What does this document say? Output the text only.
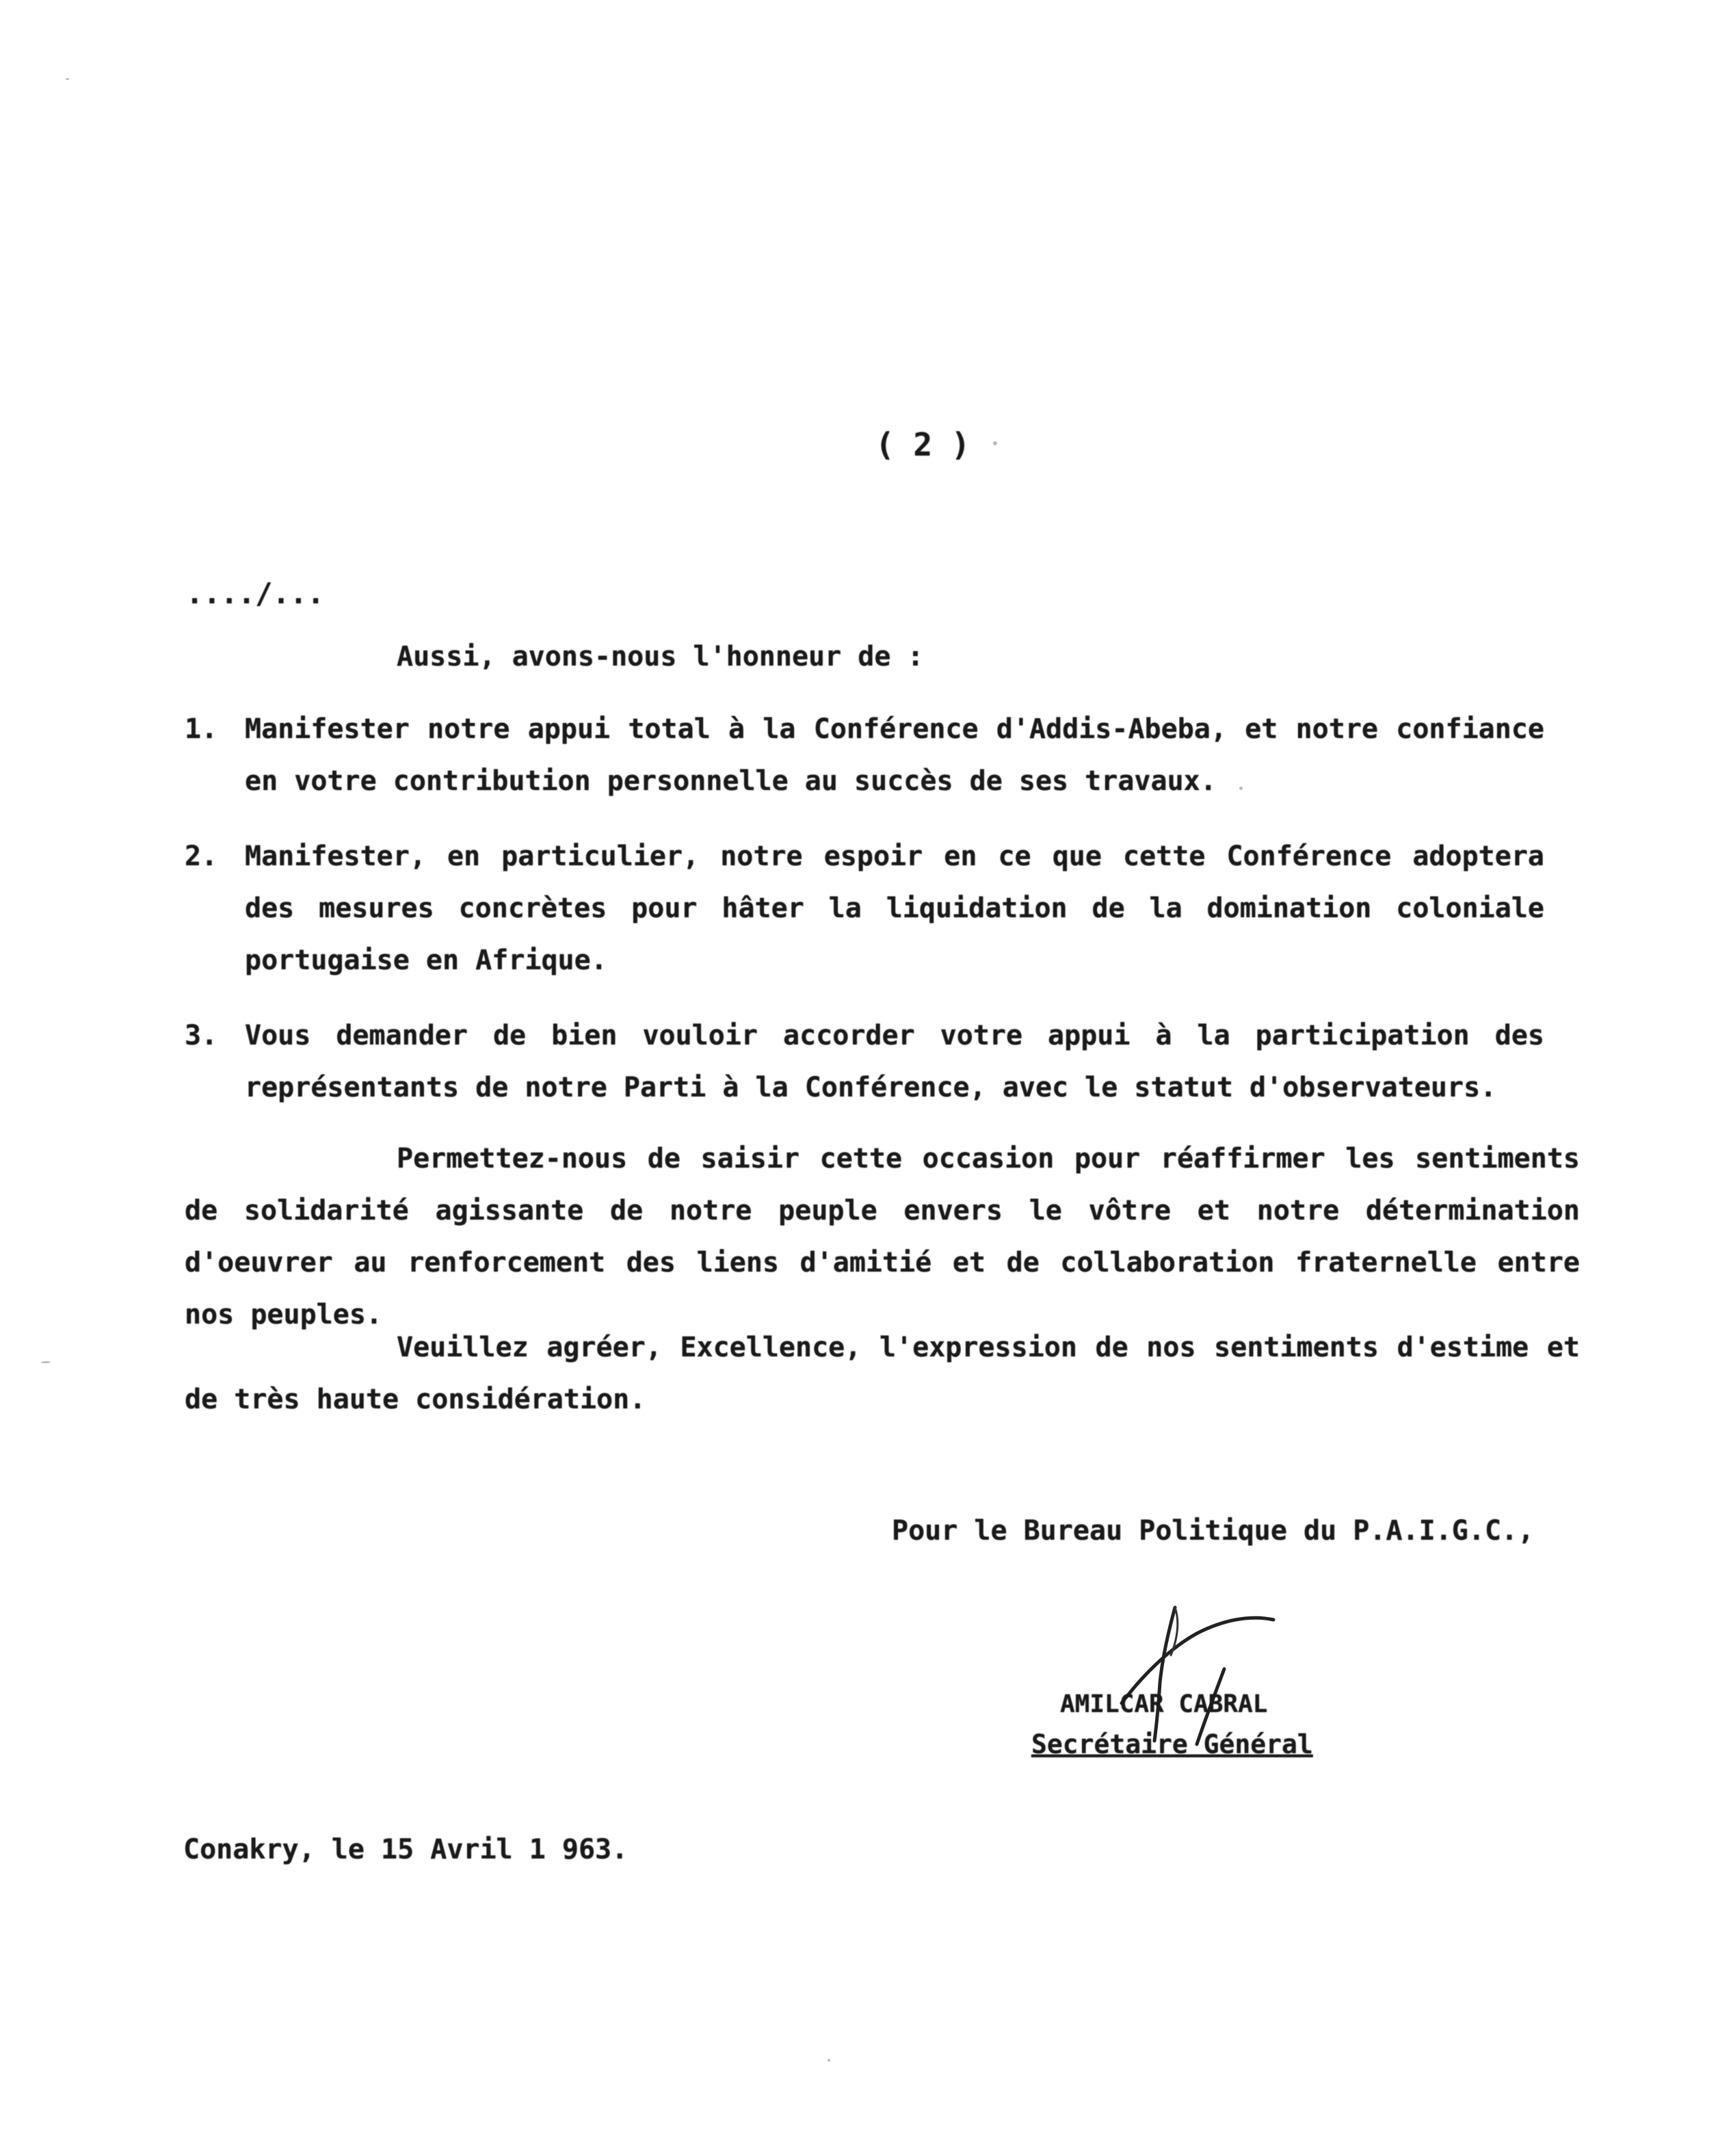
( 2 )
..../...
Aussi, avons-nous l'honneur de :
1. Manifester notre appui total à la Conférence d'Addis-Abeba, et notre confiance en votre contribution personnelle au succès de ses travaux.
2. Manifester, en particulier, notre espoir en ce que cette Conférence adoptera des mesures concrètes pour hâter la liquidation de la domination coloniale portugaise en Afrique.
3. Vous demander de bien vouloir accorder votre appui à la participation des représentants de notre Parti à la Conférence, avec le statut d'observateurs.
Permettez-nous de saisir cette occasion pour réaffirmer les sentiments de solidarité agissante de notre peuple envers le vôtre et notre détermination d'oeuvrer au renforcement des liens d'amitié et de collaboration fraternelle entre nos peuples.
Veuillez agréer, Excellence, l'expression de nos sentiments d'estime et de très haute considération.
Pour le Bureau Politique du P.A.I.G.C.,
AMILCAR CABRAL
Secrétaire Général
Conakry, le 15 Avril 1 963.
